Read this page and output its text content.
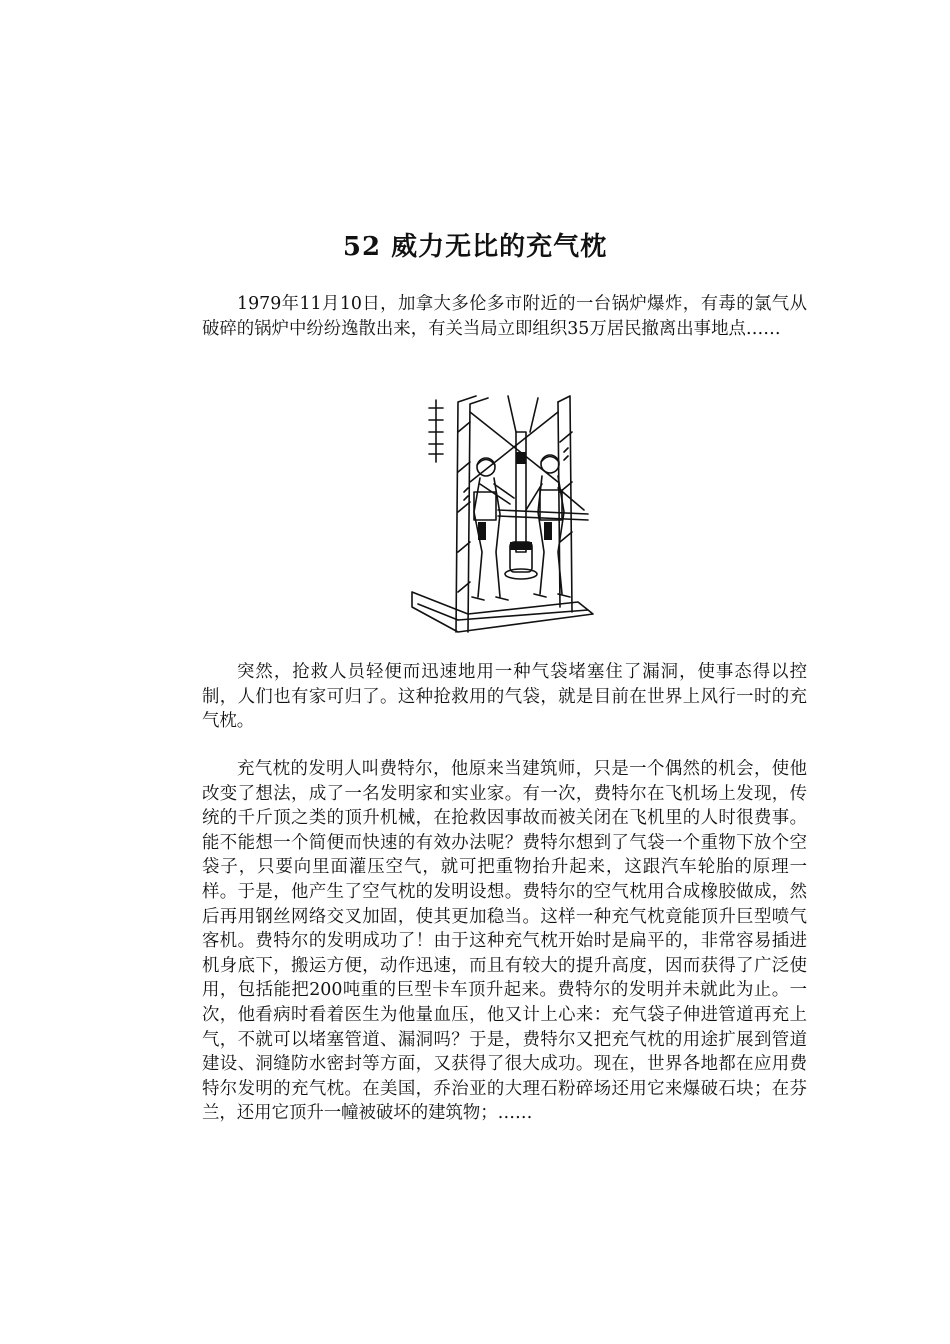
52 威力无比的充气枕

1979年11月10日，加拿大多伦多市附近的一台锅炉爆炸，有毒的氯气从破碎的锅炉中纷纷逸散出来，有关当局立即组织35万居民撤离出事地点……

突然，抢救人员轻便而迅速地用一种气袋堵塞住了漏洞，使事态得以控制，人们也有家可归了。这种抢救用的气袋，就是目前在世界上风行一时的充气枕。

充气枕的发明人叫费特尔，他原来当建筑师，只是一个偶然的机会，使他改变了想法，成了一名发明家和实业家。有一次，费特尔在飞机场上发现，传统的千斤顶之类的顶升机械，在抢救因事故而被关闭在飞机里的人时很费事。能不能想一个简便而快速的有效办法呢？费特尔想到了气袋一个重物下放个空袋子，只要向里面灌压空气，就可把重物抬升起来，这跟汽车轮胎的原理一样。于是，他产生了空气枕的发明设想。费特尔的空气枕用合成橡胶做成，然后再用钢丝网络交叉加固，使其更加稳当。这样一种充气枕竟能顶升巨型喷气客机。费特尔的发明成功了！由于这种充气枕开始时是扁平的，非常容易插进机身底下，搬运方便，动作迅速，而且有较大的提升高度，因而获得了广泛使用，包括能把200吨重的巨型卡车顶升起来。费特尔的发明并未就此为止。一次，他看病时看着医生为他量血压，他又计上心来：充气袋子伸进管道再充上气，不就可以堵塞管道、漏洞吗？于是，费特尔又把充气枕的用途扩展到管道建设、洞缝防水密封等方面，又获得了很大成功。现在，世界各地都在应用费特尔发明的充气枕。在美国，乔治亚的大理石粉碎场还用它来爆破石块；在芬兰，还用它顶升一幢被破坏的建筑物；……
